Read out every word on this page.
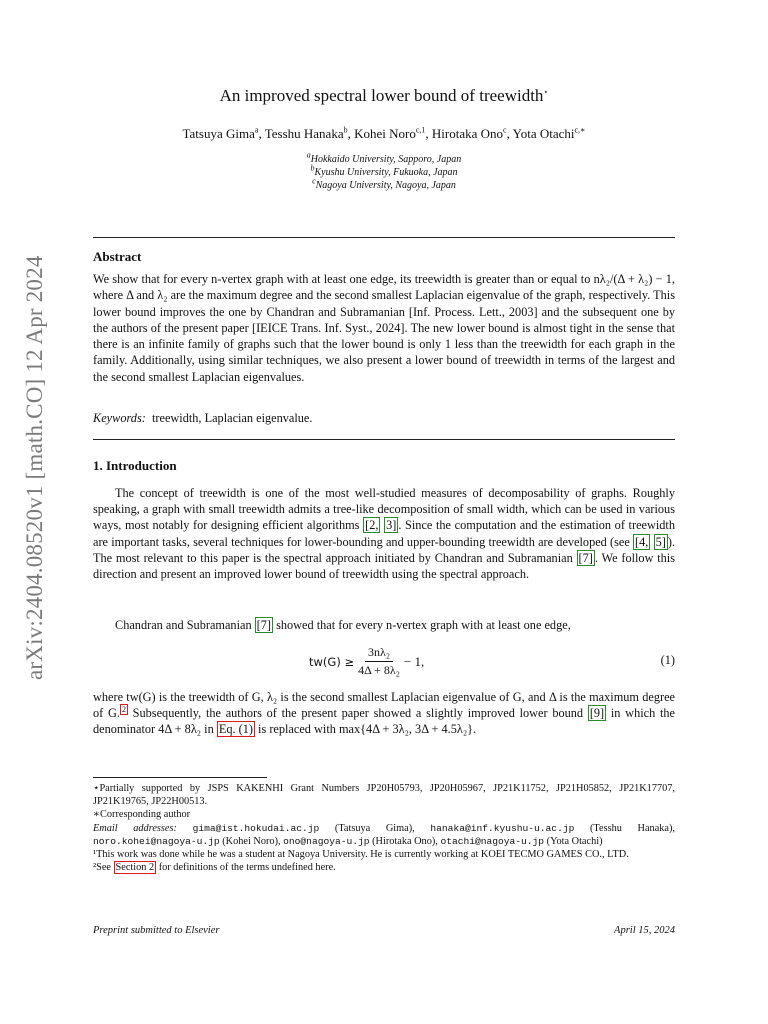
arXiv:2404.08520v1 [math.CO] 12 Apr 2024
An improved spectral lower bound of treewidth⋆
Tatsuya Gima$^a$, Tesshu Hanaka$^b$, Kohei Noro$^{c,1}$, Hirotaka Ono$^c$, Yota Otachi$^{c,∗}$
$^a$Hokkaido University, Sapporo, Japan
$^b$Kyushu University, Fukuoka, Japan
$^c$Nagoya University, Nagoya, Japan
Abstract
We show that for every n-vertex graph with at least one edge, its treewidth is greater than or equal to nλ₂/(Δ + λ₂) − 1, where Δ and λ₂ are the maximum degree and the second smallest Laplacian eigenvalue of the graph, respectively. This lower bound improves the one by Chandran and Subramanian [Inf. Process. Lett., 2003] and the subsequent one by the authors of the present paper [IEICE Trans. Inf. Syst., 2024]. The new lower bound is almost tight in the sense that there is an infinite family of graphs such that the lower bound is only 1 less than the treewidth for each graph in the family. Additionally, using similar techniques, we also present a lower bound of treewidth in terms of the largest and the second smallest Laplacian eigenvalues.
Keywords: treewidth, Laplacian eigenvalue.
1. Introduction
The concept of treewidth is one of the most well-studied measures of decomposability of graphs. Roughly speaking, a graph with small treewidth admits a tree-like decomposition of small width, which can be used in various ways, most notably for designing efficient algorithms [2, 3] . Since the computation and the estimation of treewidth are important tasks, several techniques for lower-bounding and upper-bounding treewidth are developed (see [4, 5] ). The most relevant to this paper is the spectral approach initiated by Chandran and Subramanian [7] . We follow this direction and present an improved lower bound of treewidth using the spectral approach.
Chandran and Subramanian [7] showed that for every n-vertex graph with at least one edge,
$tw(G) \ge \frac{\text{3nλ₂}}{\text{4Δ + 8λ₂}} - 1$,	(1)
where tw(G) is the treewidth of G, λ₂ is the second smallest Laplacian eigenvalue of G, and Δ is the maximum degree of G. $^2$ Subsequently, the authors of the present paper showed a slightly improved lower bound [9] in which the denominator 4Δ + 8λ₂ in Eq. (1) is replaced with max{4Δ + 3λ₂, 3Δ + 4.5λ₂}.

⋆Partially supported by JSPS KAKENHI Grant Numbers JP20H05793, JP20H05967, JP21K11752, JP21H05852, JP21K17707, JP21K19765, JP22H00513.

∗Corresponding author

Email addresses: gima@ist.hokudai.ac.jp (Tatsuya Gima), hanaka@inf.kyushu-u.ac.jp (Tesshu Hanaka), noro.kohei@nagoya-u.jp (Kohei Noro), ono@nagoya-u.jp (Hirotaka Ono), otachi@nagoya-u.jp (Yota Otachi)

¹This work was done while he was a student at Nagoya University. He is currently working at KOEI TECMO GAMES CO., LTD.

²See Section 2 for definitions of the terms undefined here.

Preprint submitted to Elsevier	April 15, 2024
